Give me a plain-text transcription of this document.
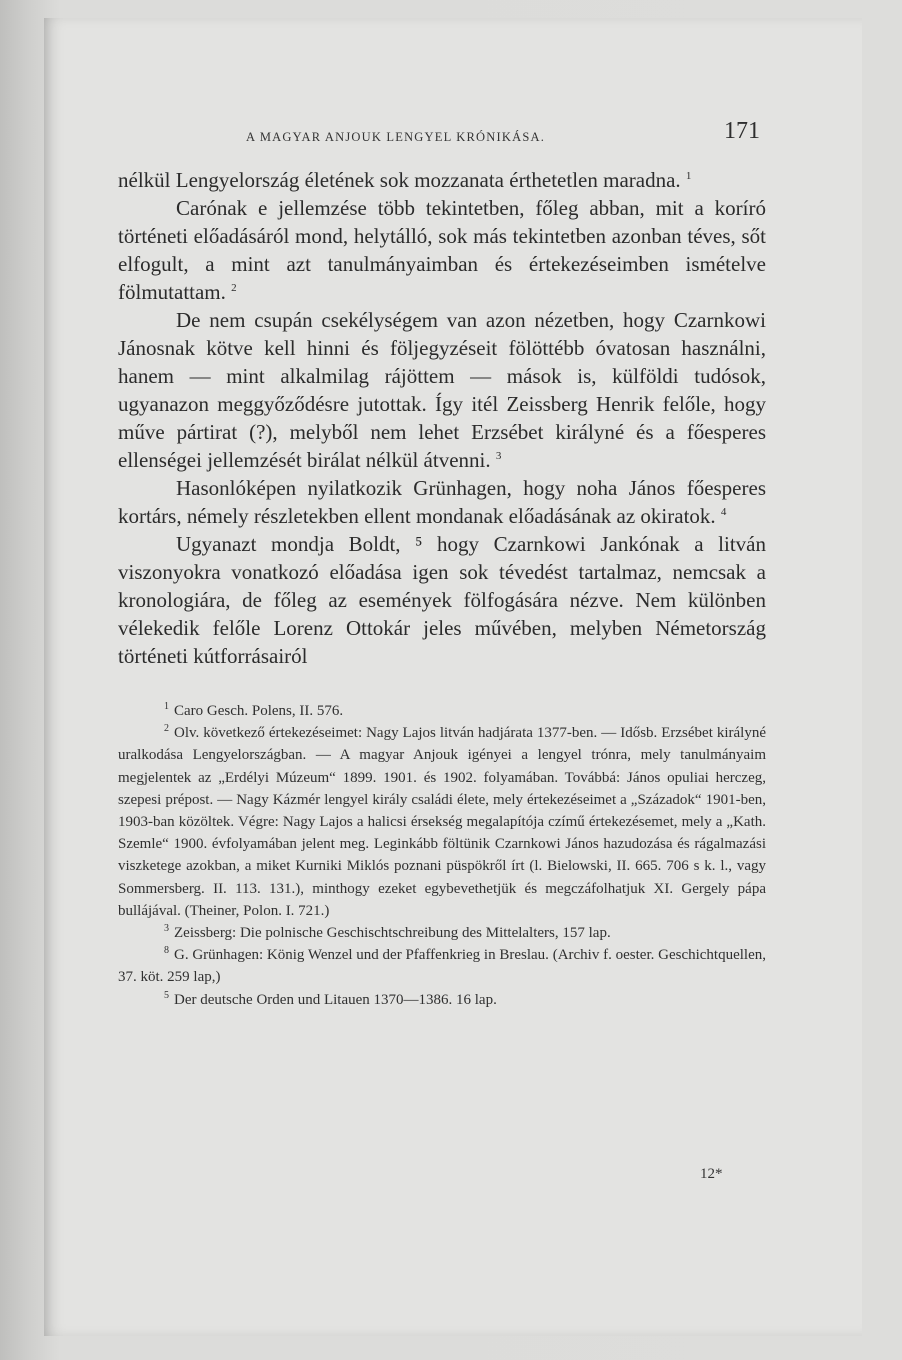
A MAGYAR ANJOUK LENGYEL KRÓNIKÁSA.	171

nélkül Lengyelország életének sok mozzanata érthetetlen maradna. $^1$

Carónak e jellemzése több tekintetben, főleg abban, mit a koríró történeti előadásáról mond, helytálló, sok más tekintetben azonban téves, sőt elfogult, a mint azt tanulmányaimban és értekezéseimben ismételve fölmutattam. $^2$

De nem csupán csekélységem van azon nézetben, hogy Czarnkowi Jánosnak kötve kell hinni és följegyzéseit fölöttébb óvatosan használni, hanem — mint alkalmilag rájöttem — mások is, külföldi tudósok, ugyanazon meggyőződésre jutottak. Így itél Zeissberg Henrik felőle, hogy műve pártirat (?), melyből nem lehet Erzsébet királyné és a főesperes ellenségei jellemzését birálat nélkül átvenni. $^3$

Hasonlóképen nyilatkozik Grünhagen, hogy noha János főesperes kortárs, némely részletekben ellent mondanak előadásának az okiratok. $^4$

Ugyanazt mondja Boldt, ⁵ hogy Czarnkowi Jankónak a litván viszonyokra vonatkozó előadása igen sok tévedést tartalmaz, nemcsak a kronologiára, de főleg az események fölfogására nézve. Nem különben vélekedik felőle Lorenz Ottokár jeles művében, melyben Németország történeti kútforrásairól

$^1$ Caro Gesch. Polens, II. 576.

$^2$ Olv. következő értekezéseimet: Nagy Lajos litván hadjárata 1377-ben. — Idősb. Erzsébet királyné uralkodása Lengyelországban. — A magyar Anjouk igényei a lengyel trónra, mely tanulmányaim megjelentek az „Erdélyi Múzeum“ 1899. 1901. és 1902. folyamában. Továbbá: János opuliai herczeg, szepesi prépost. — Nagy Kázmér lengyel király családi élete, mely értekezéseimet a „Századok“ 1901-ben, 1903-ban közöltek. Végre: Nagy Lajos a halicsi érsekség megalapítója czímű értekezésemet, mely a „Kath. Szemle“ 1900. évfolyamában jelent meg. Leginkább föltünik Czarnkowi János hazudozása és rágalmazási viszketege azokban, a miket Kurniki Miklós poznani püspökről írt (l. Bielowski, II. 665. 706 s k. l., vagy Sommersberg. II. 113. 131.), minthogy ezeket egybevethetjük és megczáfolhatjuk XI. Gergely pápa bullájával. (Theiner, Polon. I. 721.)

$^3$ Zeissberg: Die polnische Geschischtschreibung des Mittelalters, 157 lap.

$^8$ G. Grünhagen: König Wenzel und der Pfaffenkrieg in Breslau. (Archiv f. oester. Geschichtquellen, 37. köt. 259 lap,)

$^5$ Der deutsche Orden und Litauen 1370—1386. 16 lap.

12*
